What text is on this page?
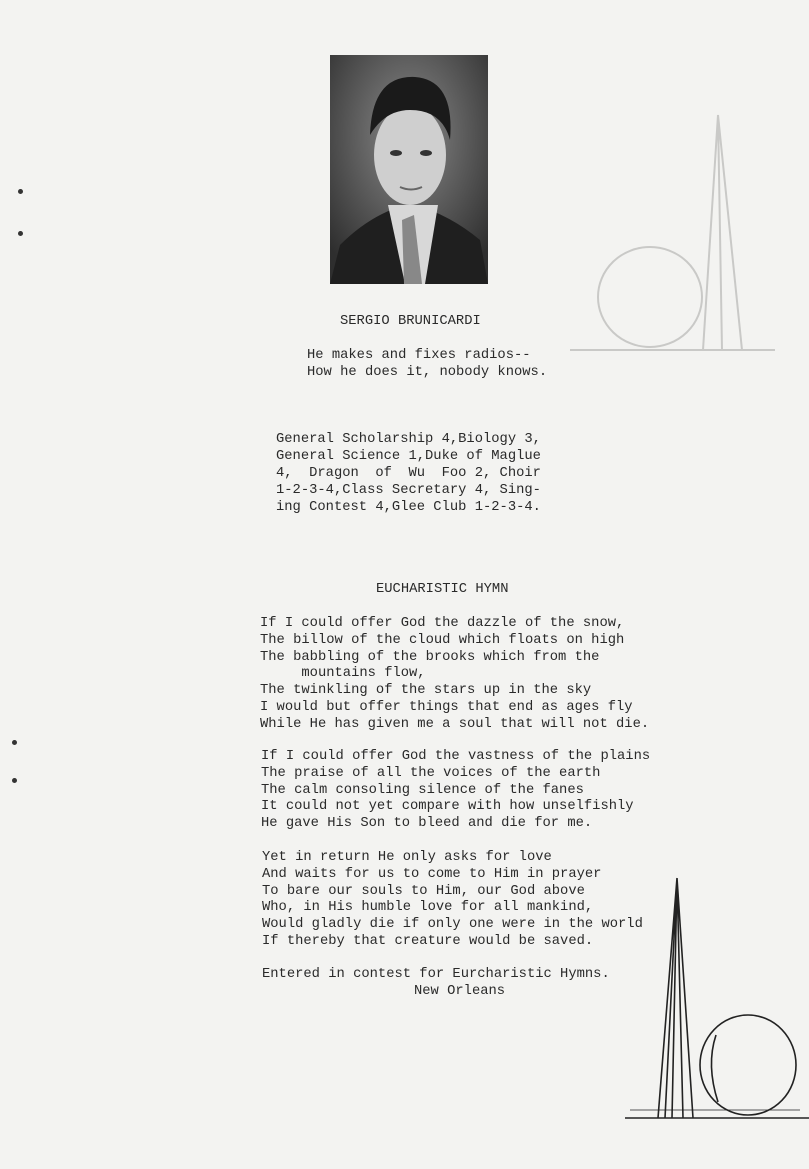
SERGIO BRUNICARDI
He makes and fixes radios--
How he does it, nobody knows.
General Scholarship 4,Biology 3,
General Science 1,Duke of Maglue
4,  Dragon  of  Wu  Foo 2, Choir
1-2-3-4,Class Secretary 4, Sing-
ing Contest 4,Glee Club 1-2-3-4.
EUCHARISTIC HYMN
If I could offer God the dazzle of the snow,
The billow of the cloud which floats on high
The babbling of the brooks which from the
mountains flow,
The twinkling of the stars up in the sky
I would but offer things that end as ages fly
While He has given me a soul that will not die.
If I could offer God the vastness of the plains
The praise of all the voices of the earth
The calm consoling silence of the fanes
It could not yet compare with how unselfishly
He gave His Son to bleed and die for me.
Yet in return He only asks for love
And waits for us to come to Him in prayer
To bare our souls to Him, our God above
Who, in His humble love for all mankind,
Would gladly die if only one were in the world
If thereby that creature would be saved.
Entered in contest for Eurcharistic Hymns.
New Orleans
